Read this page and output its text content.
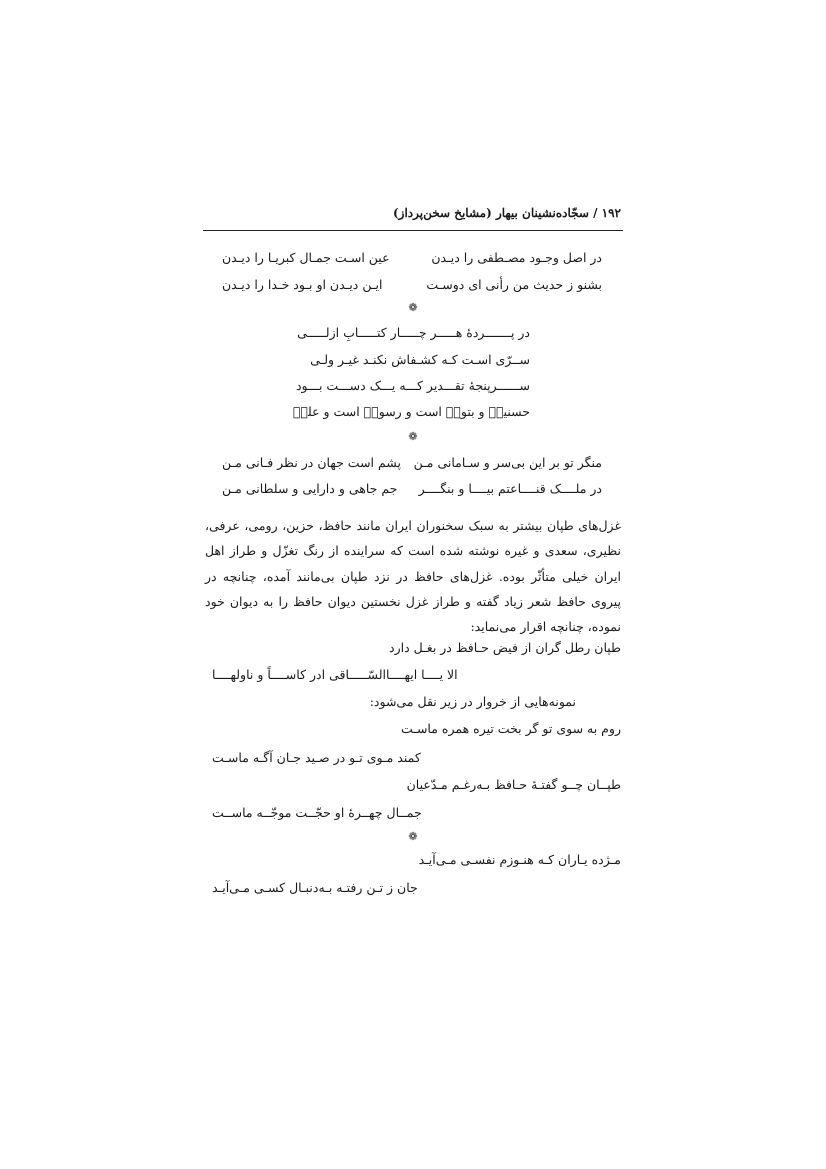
۱۹۲ / سجّاده‌نشینان بیهار (مشایخ سخن‌پرداز)
در اصل وجـود مصـطفی را دیـدن
عین اسـت جمـال کبریـا را دیـدن
بشنو ز حدیث من رأنی ای دوسـت
ایـن دیـدن او بـود خـدا را دیـدن
❁
در پـــــــردهٔ هـــــر چـــــار کتـــــابِ ازلـــــی
ســرّی اسـت کـه کشـفاش نکنـد غیـر ولـی
ســــــرپنجهٔ تقـــدیر کـــه یـــک دســـت بـــود
حسنینؑ و بتولؑ است و رسولؐ است و علیؐ
❁
منگر تو بر این بی‌سر و سـامانی مـن
پشم است جهان در نظر فـانی مـن
در ملــــک قنــــاعتم بیــــا و بنگــــر
جم جاهی و دارایی و سلطانی مـن
غزل‌های طپان بیشتر به سبک سخنوران ایران مانند حافظ، حزین، رومی، عرفی، نظیری، سعدی و غیره نوشته شده است که سراینده از رنگ تغزّل و طراز اهل ایران خیلی متأثّر بوده. غزل‌های حافظ در نزد طپان بی‌مانند آمده، چنانچه در پیروی حافظ شعر زیاد گفته و طراز غزل نخستین دیوان حافظ را به دیوان خود نموده، چنانچه اقرار می‌نماید:
طپان رطل گران از فیض حـافظ در بغـل دارد
الا یــــا ایهــــاالسّـــــاقی ادر کاســــاً و ناولهــــا
نمونه‌هایی از خروار در زیر نقل می‌شود:
روم به سوی تو گر بخت تیره همره ماسـت
کمند مـوی تـو در صـید جـان آگـه ماسـت
طپــان چــو گفتـهٔ حـافظ بـه‌رغـم مـدّعیان
جمــال چهــرهٔ او حجّــت موجّــه ماســت
❁
مـژده یـاران کـه هنـوزم نفسـی مـی‌آیـد
جان ز تـن رفتـه بـه‌دنبـال کسـی مـی‌آیـد
